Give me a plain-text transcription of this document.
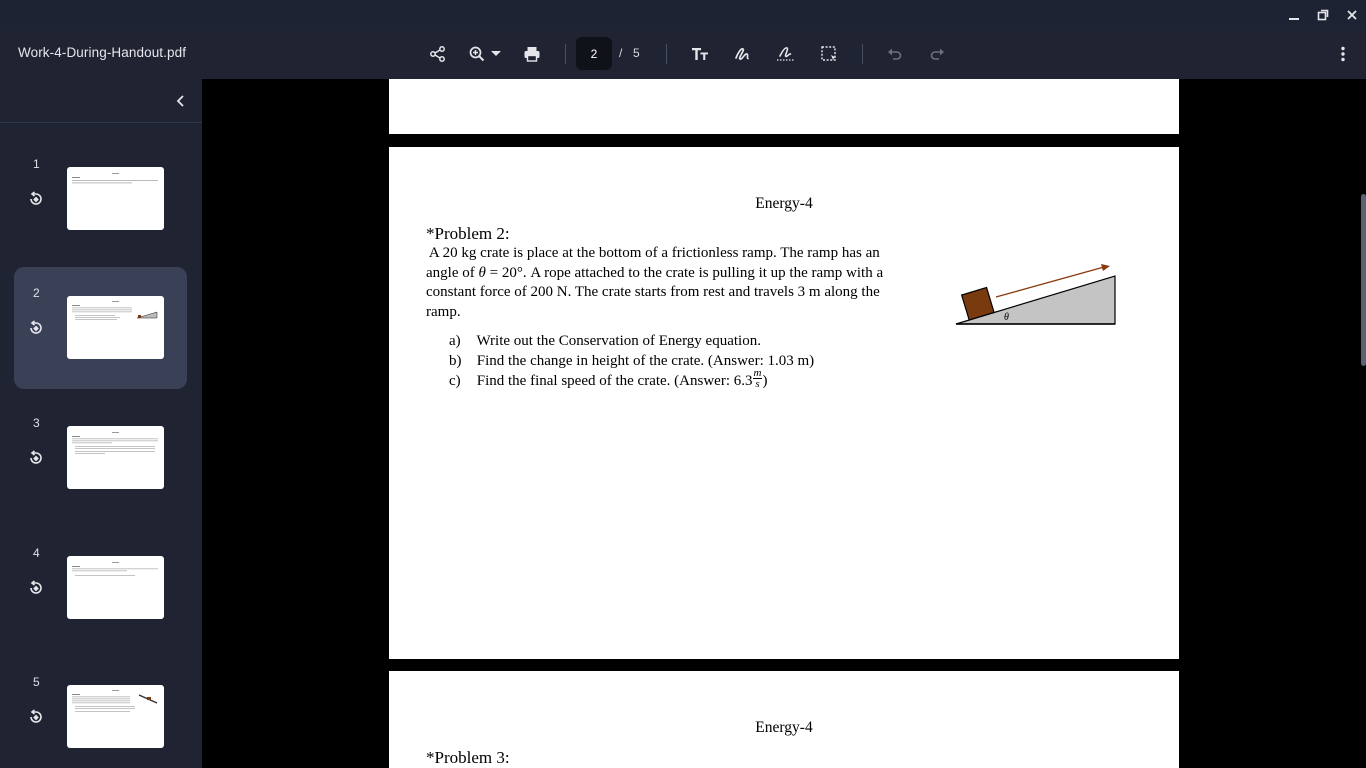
Work-4-During-Handout.pdf	2	/ 5
1
2
3
4
5
Energy-4
*Problem 2:
A 20 kg crate is place at the bottom of a frictionless ramp. The ramp has an
angle of θ = 20°. A rope attached to the crate is pulling it up the ramp with a
constant force of 200 N. The crate starts from rest and travels 3 m along the
ramp.
a) Write out the Conservation of Energy equation.
b) Find the change in height of the crate. (Answer: 1.03 m)
c) Find the final speed of the crate. (Answer: $6.3 \frac{m}{s}$ )
θ
Energy-4
*Problem 3:
